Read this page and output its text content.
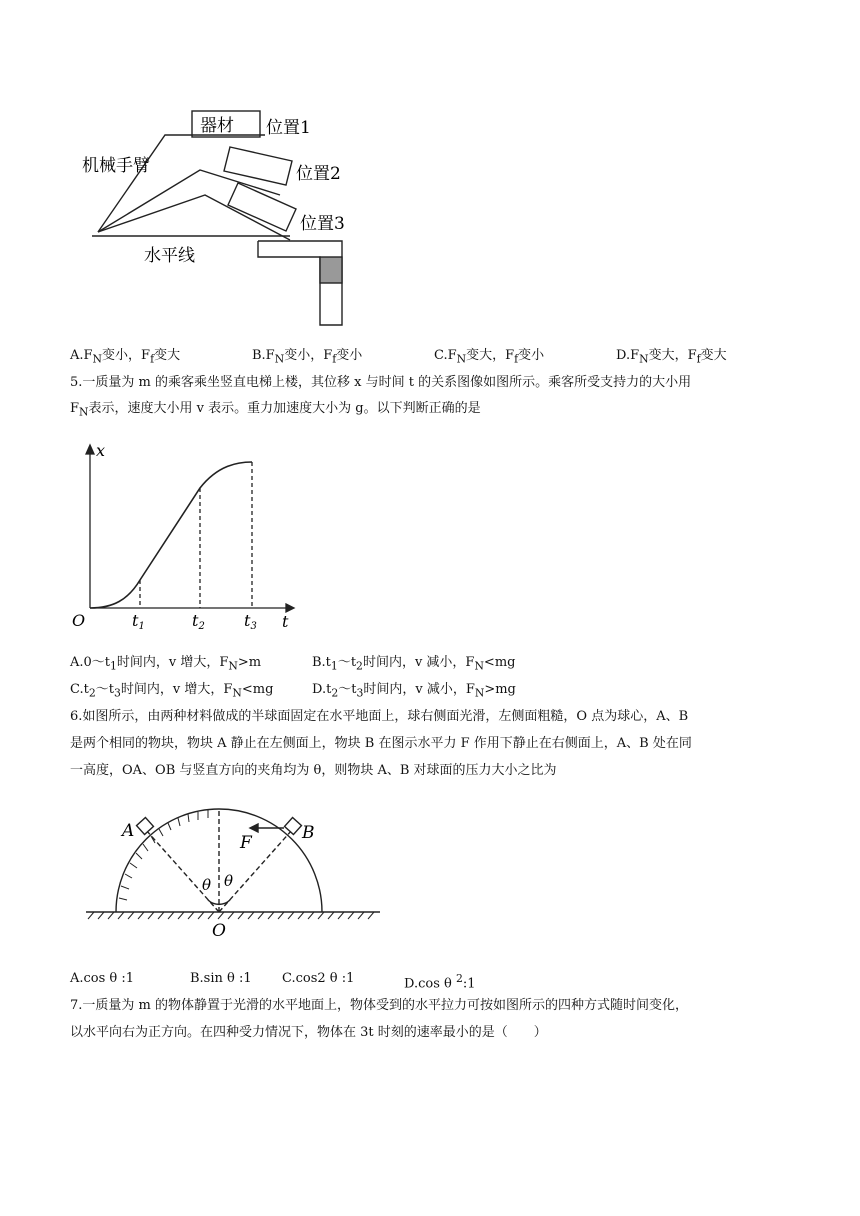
器材 位置1
位置2
位置3
机械手臂
水平线
$A.F_N$变小，$F_f$变大	$B.F_N$变小，$F_f$变小	$C.F_N$变大，$F_f$变小	$D.F_N$变大，$F_f$变大
5.一质量为 m 的乘客乘坐竖直电梯上楼，其位移 x 与时间 t 的关系图像如图所示。乘客所受支持力的大小用
$F_N$表示，速度大小用 v 表示。重力加速度大小为 g。以下判断正确的是
x
t
O	t1	t2 t3
$A.0\sim t_1$时间内，v 增大，$F_N>m$	$B.t_1\sim t_2$时间内，v 减小，$F_N<mg$
$C.t_2\sim t_3$时间内，v 增大，$F_N<mg$	$D.t_2\sim t_3$时间内，v 减小，$F_N>mg$
6.如图所示，由两种材料做成的半球面固定在水平地面上，球右侧面光滑，左侧面粗糙，O 点为球心，A、B
是两个相同的物块，物块 A 静止在左侧面上，物块 B 在图示水平力 F 作用下静止在右侧面上，A、B 处在同
一高度，OA、OB 与竖直方向的夹角均为 θ，则物块 A、B 对球面的压力大小之比为
A	B
F
O
θ θ
A.cos θ :1	B.sin θ :1 C.cos2 θ :1	D.cos θ $^2$:1
7.一质量为 m 的物体静置于光滑的水平地面上，物体受到的水平拉力可按如图所示的四种方式随时间变化，
以水平向右为正方向。在四种受力情况下，物体在 3t 时刻的速率最小的是（　　）
